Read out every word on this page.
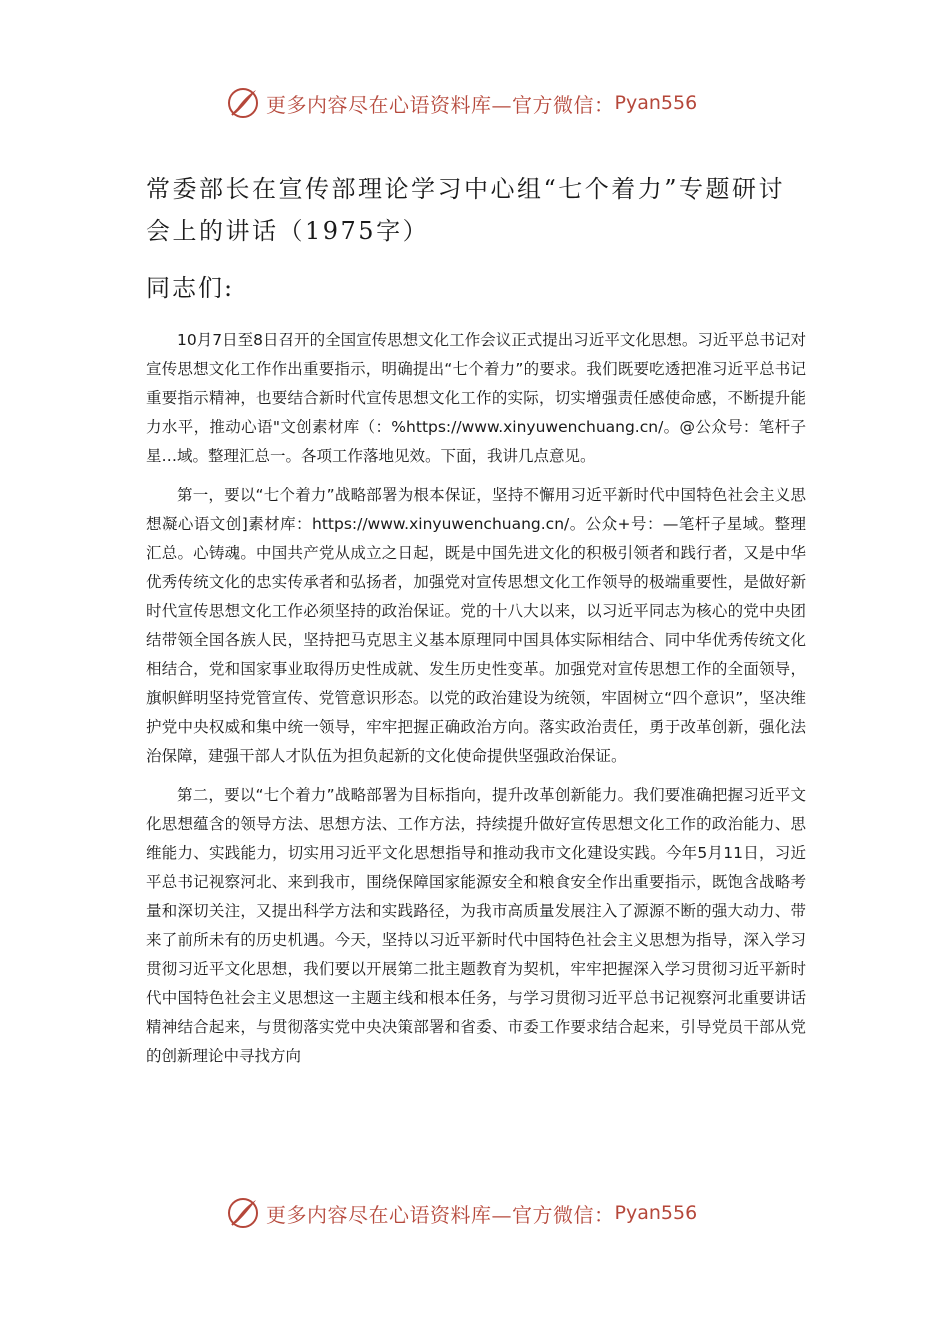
更多内容尽在心语资料库—官方微信： Pyan556
常委部长在宣传部理论学习中心组“七个着力”专题研讨会上的讲话（1975字）

同志们:

10月7日至8日召开的全国宣传思想文化工作会议正式提出习近平文化思想。习近平总书记对宣传思想文化工作作出重要指示，明确提出“七个着力”的要求。我们既要吃透把准习近平总书记重要指示精神，也要结合新时代宣传思想文化工作的实际，切实增强责任感使命感，不断提升能力水平，推动心语"文创素材库（：%https://www.xinyuwenchuang.cn/。@公众号：笔杆子星…域。整理汇总一。各项工作落地见效。下面，我讲几点意见。

第一，要以“七个着力”战略部署为根本保证，坚持不懈用习近平新时代中国特色社会主义思想凝心语文创]素材库：https://www.xinyuwenchuang.cn/。公众+号：—笔杆子星域。整理汇总。心铸魂。中国共产党从成立之日起，既是中国先进文化的积极引领者和践行者，又是中华优秀传统文化的忠实传承者和弘扬者，加强党对宣传思想文化工作领导的极端重要性，是做好新时代宣传思想文化工作必须坚持的政治保证。党的十八大以来，以习近平同志为核心的党中央团结带领全国各族人民，坚持把马克思主义基本原理同中国具体实际相结合、同中华优秀传统文化相结合，党和国家事业取得历史性成就、发生历史性变革。加强党对宣传思想工作的全面领导，旗帜鲜明坚持党管宣传、党管意识形态。以党的政治建设为统领，牢固树立“四个意识”，坚决维护党中央权威和集中统一领导，牢牢把握正确政治方向。落实政治责任，勇于改革创新，强化法治保障，建强干部人才队伍为担负起新的文化使命提供坚强政治保证。

第二，要以“七个着力”战略部署为目标指向，提升改革创新能力。我们要准确把握习近平文化思想蕴含的领导方法、思想方法、工作方法，持续提升做好宣传思想文化工作的政治能力、思维能力、实践能力，切实用习近平文化思想指导和推动我市文化建设实践。今年5月11日，习近平总书记视察河北、来到我市，围绕保障国家能源安全和粮食安全作出重要指示，既饱含战略考量和深切关注，又提出科学方法和实践路径，为我市高质量发展注入了源源不断的强大动力、带来了前所未有的历史机遇。今天，坚持以习近平新时代中国特色社会主义思想为指导，深入学习贯彻习近平文化思想，我们要以开展第二批主题教育为契机，牢牢把握深入学习贯彻习近平新时代中国特色社会主义思想这一主题主线和根本任务，与学习贯彻习近平总书记视察河北重要讲话精神结合起来，与贯彻落实党中央决策部署和省委、市委工作要求结合起来，引导党员干部从党的创新理论中寻找方向

更多内容尽在心语资料库—官方微信： Pyan556
